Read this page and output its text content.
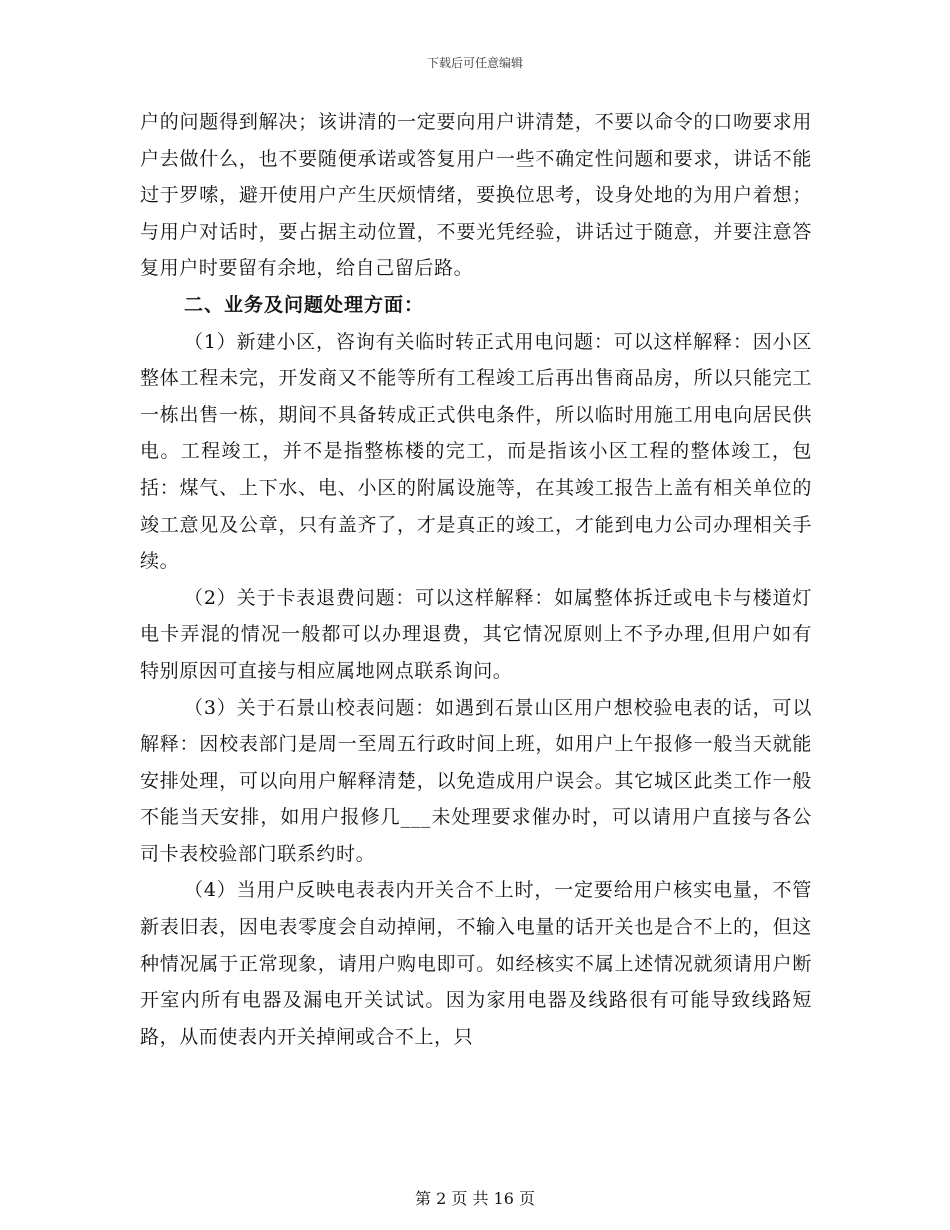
下载后可任意编辑

户的问题得到解决；该讲清的一定要向用户讲清楚，不要以命令的口吻要求用户去做什么，也不要随便承诺或答复用户一些不确定性问题和要求，讲话不能过于罗嗦，避开使用户产生厌烦情绪，要换位思考，设身处地的为用户着想；与用户对话时，要占据主动位置，不要光凭经验，讲话过于随意，并要注意答复用户时要留有余地，给自己留后路。

二、业务及问题处理方面：

（1）新建小区，咨询有关临时转正式用电问题：可以这样解释：因小区整体工程未完，开发商又不能等所有工程竣工后再出售商品房，所以只能完工一栋出售一栋，期间不具备转成正式供电条件，所以临时用施工用电向居民供电。工程竣工，并不是指整栋楼的完工，而是指该小区工程的整体竣工，包括：煤气、上下水、电、小区的附属设施等，在其竣工报告上盖有相关单位的竣工意见及公章，只有盖齐了，才是真正的竣工，才能到电力公司办理相关手续。

（2）关于卡表退费问题：可以这样解释：如属整体拆迁或电卡与楼道灯电卡弄混的情况一般都可以办理退费，其它情况原则上不予办理,但用户如有特别原因可直接与相应属地网点联系询问。

（3）关于石景山校表问题：如遇到石景山区用户想校验电表的话，可以解释：因校表部门是周一至周五行政时间上班，如用户上午报修一般当天就能安排处理，可以向用户解释清楚，以免造成用户误会。其它城区此类工作一般不能当天安排，如用户报修几___未处理要求催办时，可以请用户直接与各公司卡表校验部门联系约时。

（4）当用户反映电表表内开关合不上时，一定要给用户核实电量，不管新表旧表，因电表零度会自动掉闸，不输入电量的话开关也是合不上的，但这种情况属于正常现象，请用户购电即可。如经核实不属上述情况就须请用户断开室内所有电器及漏电开关试试。因为家用电器及线路很有可能导致线路短路，从而使表内开关掉闸或合不上，只

第 2 页 共 16 页
